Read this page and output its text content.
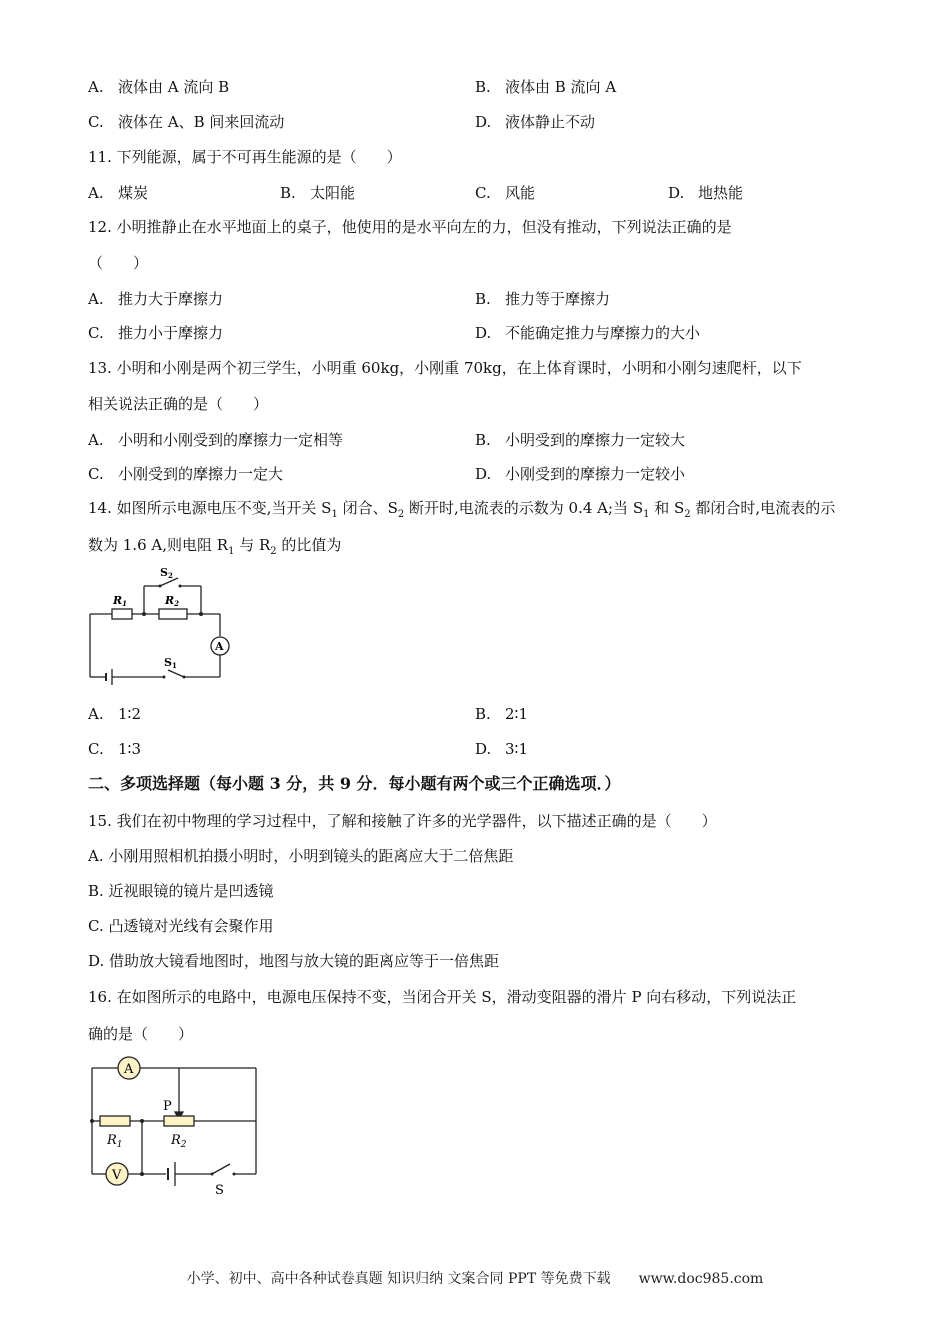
A. 液体由 A 流向 B	B. 液体由 B 流向 A
C. 液体在 A、B 间来回流动	D. 液体静止不动
11. 下列能源，属于不可再生能源的是（　　）
A. 煤炭	B. 太阳能	C. 风能	D. 地热能
12. 小明推静止在水平地面上的桌子，他使用的是水平向左的力，但没有推动，下列说法正确的是
（　　）
A. 推力大于摩擦力	B. 推力等于摩擦力
C. 推力小于摩擦力	D. 不能确定推力与摩擦力的大小
13. 小明和小刚是两个初三学生，小明重 60kg，小刚重 70kg，在上体育课时，小明和小刚匀速爬杆，以下
相关说法正确的是（　　）
A. 小明和小刚受到的摩擦力一定相等	B. 小明受到的摩擦力一定较大
C. 小刚受到的摩擦力一定大	D. 小刚受到的摩擦力一定较小
14. 如图所示电源电压不变,当开关 $S_1$ 闭合、$S_2$ 断开时,电流表的示数为 0.4 A;当 $S_1$ 和 $S_2$ 都闭合时,电流表的示
数为 1.6 A,则电阻 $R_1$ 与 $R_2$ 的比值为
R1	R2
S2
S1
A
A. 1∶2	B. 2∶1
C. 1∶3	D. 3∶1
二、多项选择题（每小题 3 分，共 9 分．每小题有两个或三个正确选项．）
15. 我们在初中物理的学习过程中，了解和接触了许多的光学器件，以下描述正确的是（　　）
A. 小刚用照相机拍摄小明时，小明到镜头的距离应大于二倍焦距
B. 近视眼镜的镜片是凹透镜
C. 凸透镜对光线有会聚作用
D. 借助放大镜看地图时，地图与放大镜的距离应等于一倍焦距
16. 在如图所示的电路中，电源电压保持不变，当闭合开关 S，滑动变阻器的滑片 P 向右移动，下列说法正
确的是（　　）
A
V
P
$R_1$	$R_2$
S
小学、初中、高中各种试卷真题 知识归纳 文案合同 PPT 等免费下载　　www.doc985.com
